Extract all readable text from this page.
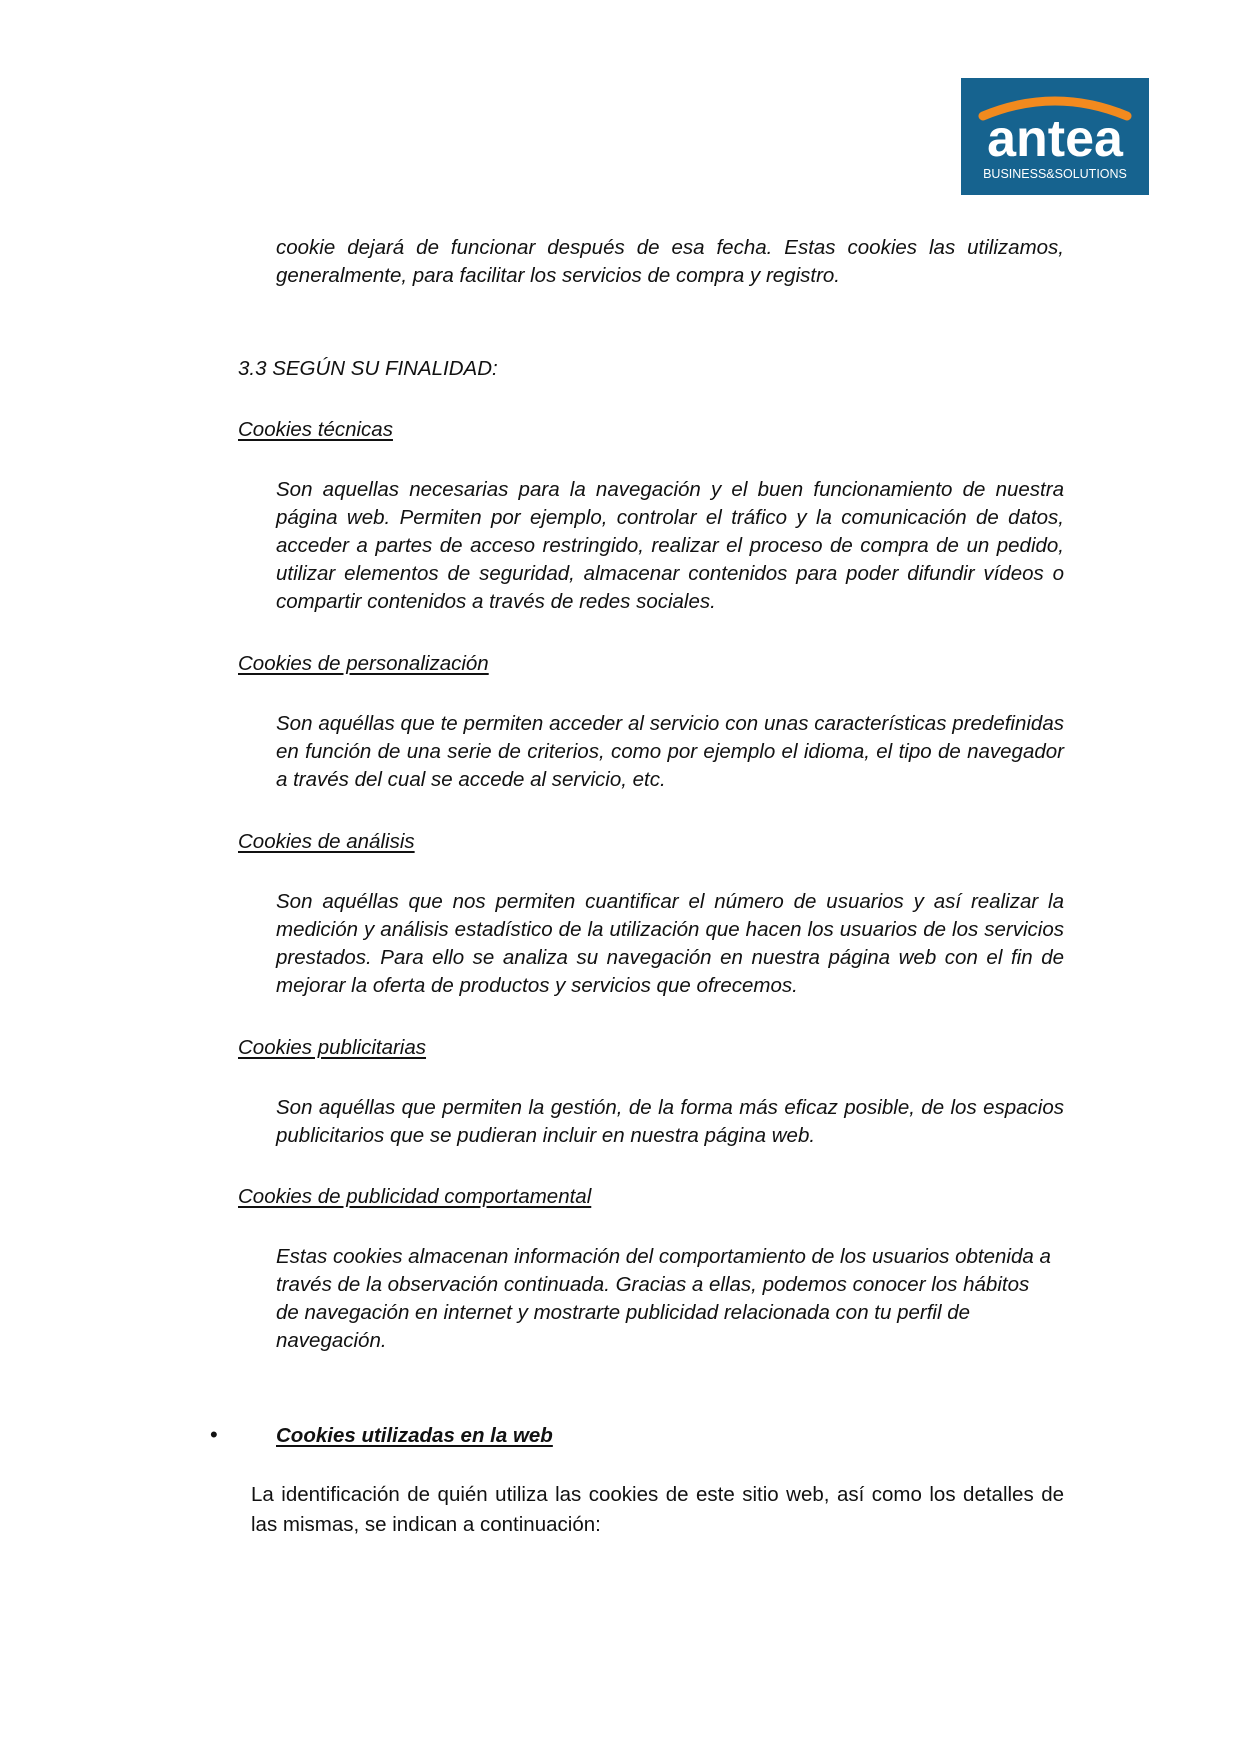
antea
BUSINESS&SOLUTIONS

cookie dejará de funcionar después de esa fecha. Estas cookies las utilizamos, generalmente, para facilitar los servicios de compra y registro.

3.3 SEGÚN SU FINALIDAD:
Cookies técnicas

Son aquellas necesarias para la navegación y el buen funcionamiento de nuestra página web. Permiten por ejemplo, controlar el tráfico y la comunicación de datos, acceder a partes de acceso restringido, realizar el proceso de compra de un pedido, utilizar elementos de seguridad, almacenar contenidos para poder difundir vídeos o compartir contenidos a través de redes sociales.

Cookies de personalización

Son aquéllas que te permiten acceder al servicio con unas características predefinidas en función de una serie de criterios, como por ejemplo el idioma, el tipo de navegador a través del cual se accede al servicio, etc.

Cookies de análisis

Son aquéllas que nos permiten cuantificar el número de usuarios y así realizar la medición y análisis estadístico de la utilización que hacen los usuarios de los servicios prestados. Para ello se analiza su navegación en nuestra página web con el fin de mejorar la oferta de productos y servicios que ofrecemos.

Cookies publicitarias

Son aquéllas que permiten la gestión, de la forma más eficaz posible, de los espacios publicitarios que se pudieran incluir en nuestra página web.

Cookies de publicidad comportamental

Estas cookies almacenan información del comportamiento de los usuarios obtenida a través de la observación continuada. Gracias a ellas, podemos conocer los hábitos de navegación en internet y mostrarte publicidad relacionada con tu perfil de navegación.

•	Cookies utilizadas en la web

La identificación de quién utiliza las cookies de este sitio web, así como los detalles de las mismas, se indican a continuación:
